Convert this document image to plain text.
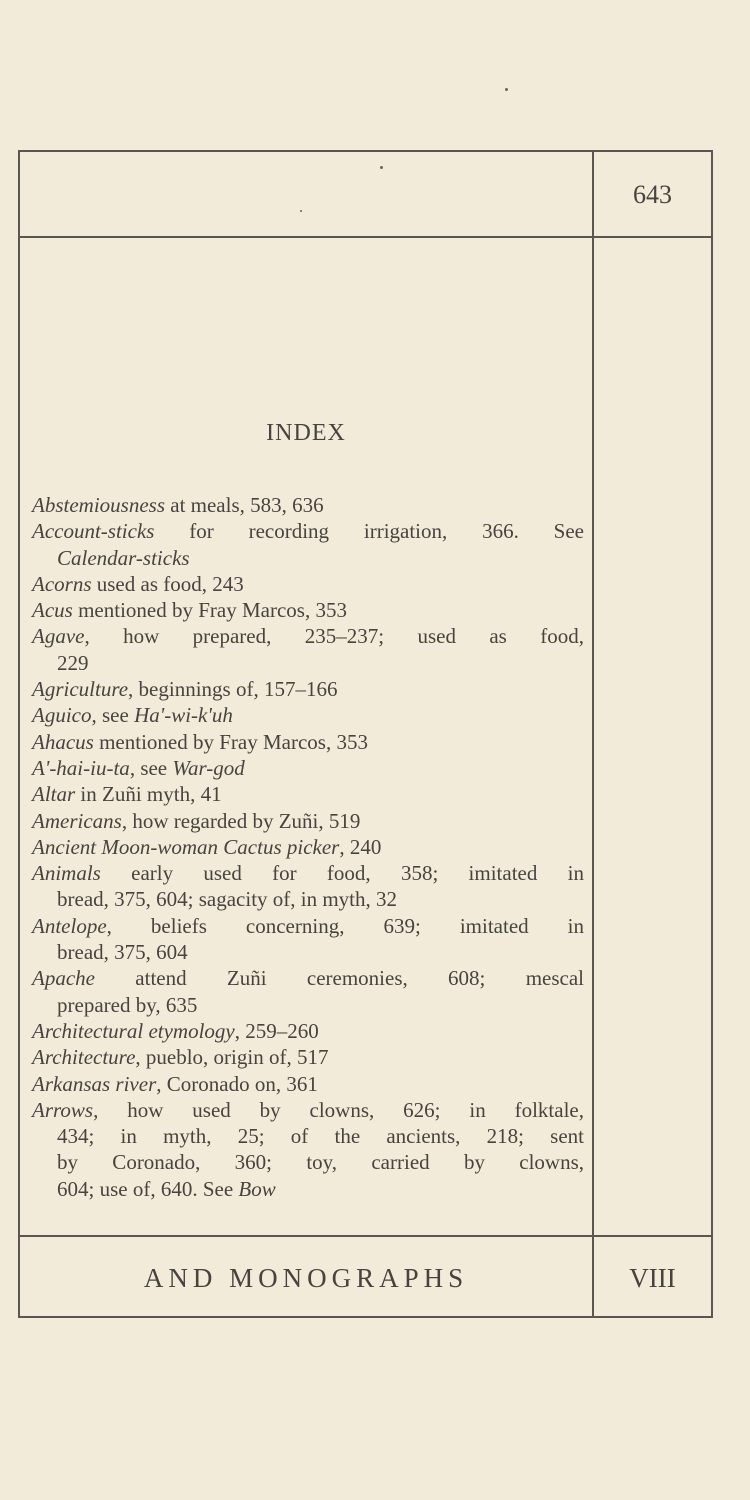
643
INDEX
Abstemiousness at meals, 583, 636
Account-sticks for recording irrigation, 366. See
Calendar-sticks
Acorns used as food, 243
Acus mentioned by Fray Marcos, 353
Agave, how prepared, 235–237; used as food,
229
Agriculture, beginnings of, 157–166
Aguico, see Ha'-wi-k'uh
Ahacus mentioned by Fray Marcos, 353
A'-hai-iu-ta, see War-god
Altar in Zuñi myth, 41
Americans, how regarded by Zuñi, 519
Ancient Moon-woman Cactus picker, 240
Animals early used for food, 358; imitated in
bread, 375, 604; sagacity of, in myth, 32
Antelope, beliefs concerning, 639; imitated in
bread, 375, 604
Apache attend Zuñi ceremonies, 608; mescal
prepared by, 635
Architectural etymology, 259–260
Architecture, pueblo, origin of, 517
Arkansas river, Coronado on, 361
Arrows, how used by clowns, 626; in folktale,
434; in myth, 25; of the ancients, 218; sent
by Coronado, 360; toy, carried by clowns,
604; use of, 640. See Bow
AND MONOGRAPHS	VIII
